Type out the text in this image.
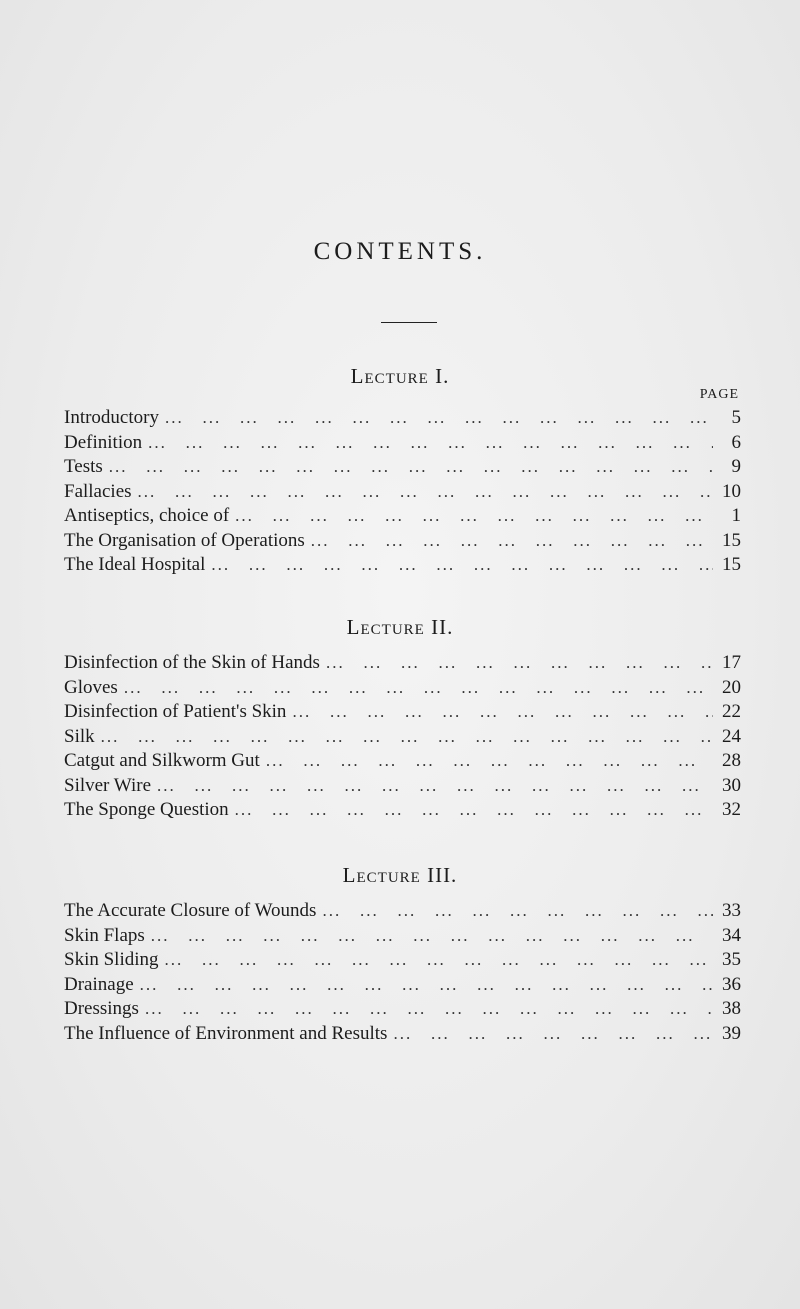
CONTENTS.
Lecture I.
PAGE
Introductory ...	5
Definition ...	6
Tests ...	9
Fallacies ...	10
Antiseptics, choice of ...	1
The Organisation of Operations ...	15
The Ideal Hospital ...	15
Lecture II.
Disinfection of the Skin of Hands ...	17
Gloves ...	20
Disinfection of Patient's Skin ...	22
Silk ...	24
Catgut and Silkworm Gut ...	28
Silver Wire ...	30
The Sponge Question ...	32
Lecture III.
The Accurate Closure of Wounds ...	33
Skin Flaps ...	34
Skin Sliding ...	35
Drainage ...	36
Dressings ...	38
The Influence of Environment and Results ...	39
